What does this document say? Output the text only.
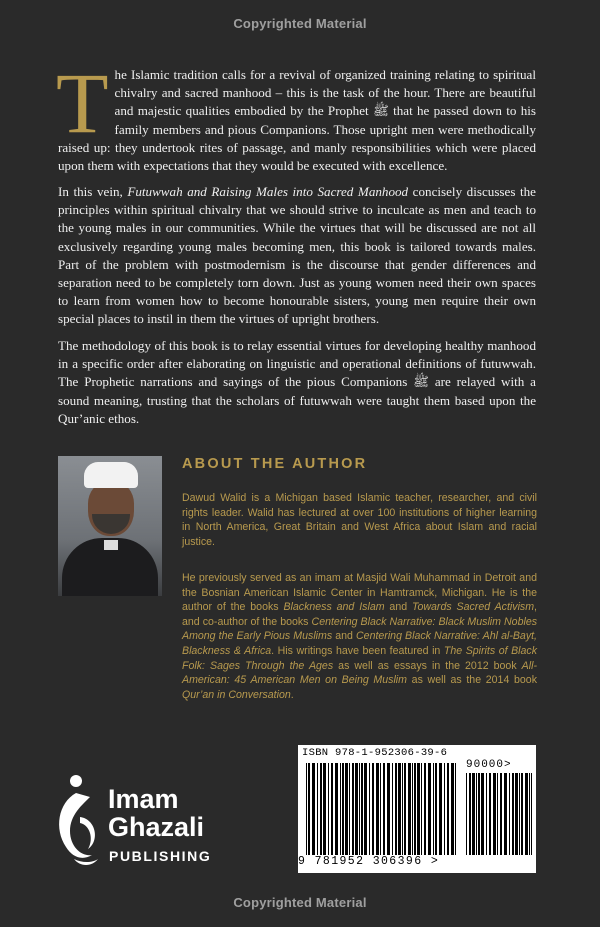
Copyrighted Material
T he Islamic tradition calls for a revival of organized training relating to spiritual chivalry and sacred manhood – this is the task of the hour. There are beautiful and majestic qualities embodied by the Prophet ﷺ that he passed down to his family members and pious Companions. Those upright men were methodically raised up: they undertook rites of passage, and manly responsibilities which were placed upon them with expectations that they would be executed with excellence.
In this vein, Futuwwah and Raising Males into Sacred Manhood concisely discusses the principles within spiritual chivalry that we should strive to inculcate as men and teach to the young males in our communities. While the virtues that will be discussed are not all exclusively regarding young males becoming men, this book is tailored towards males. Part of the problem with postmodernism is the discourse that gender differences and separation need to be completely torn down. Just as young women need their own spaces to learn from women how to become honourable sisters, young men require their own special places to instil in them the virtues of upright brothers.
The methodology of this book is to relay essential virtues for developing healthy manhood in a specific order after elaborating on linguistic and operational definitions of futuwwah. The Prophetic narrations and sayings of the pious Companions ﷺ are relayed with a sound meaning, trusting that the scholars of futuwwah were taught them based upon the Qur’anic ethos.
ABOUT THE AUTHOR
Dawud Walid is a Michigan based Islamic teacher, researcher, and civil rights leader. Walid has lectured at over 100 institutions of higher learning in North America, Great Britain and West Africa about Islam and racial justice.
He previously served as an imam at Masjid Wali Muhammad in Detroit and the Bosnian American Islamic Center in Hamtramck, Michigan. He is the author of the books Blackness and Islam and Towards Sacred Activism, and co-author of the books Centering Black Narrative: Black Muslim Nobles Among the Early Pious Muslims and Centering Black Narrative: Ahl al-Bayt, Blackness & Africa. His writings have been featured in The Spirits of Black Folk: Sages Through the Ages as well as essays in the 2012 book All-American: 45 American Men on Being Muslim as well as the 2014 book Qur’an in Conversation.
Imam
Ghazali
PUBLISHING
ISBN 978-1-952306-39-6
90000>
9 781952 306396 >
Copyrighted Material
